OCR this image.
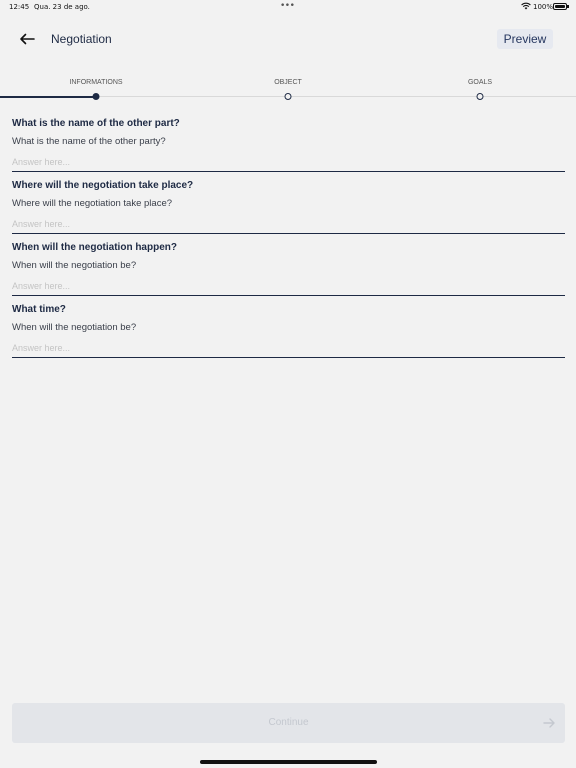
12:45 Qua. 23 de ago.	•••	100%
Negotiation	Preview
INFORMATIONS	OBJECT	GOALS
What is the name of the other part?
What is the name of the other party?
Answer here...
Where will the negotiation take place?
Where will the negotiation take place?
Answer here...
When will the negotiation happen?
When will the negotiation be?
Answer here...
What time?
When will the negotiation be?
Answer here...
Continue
